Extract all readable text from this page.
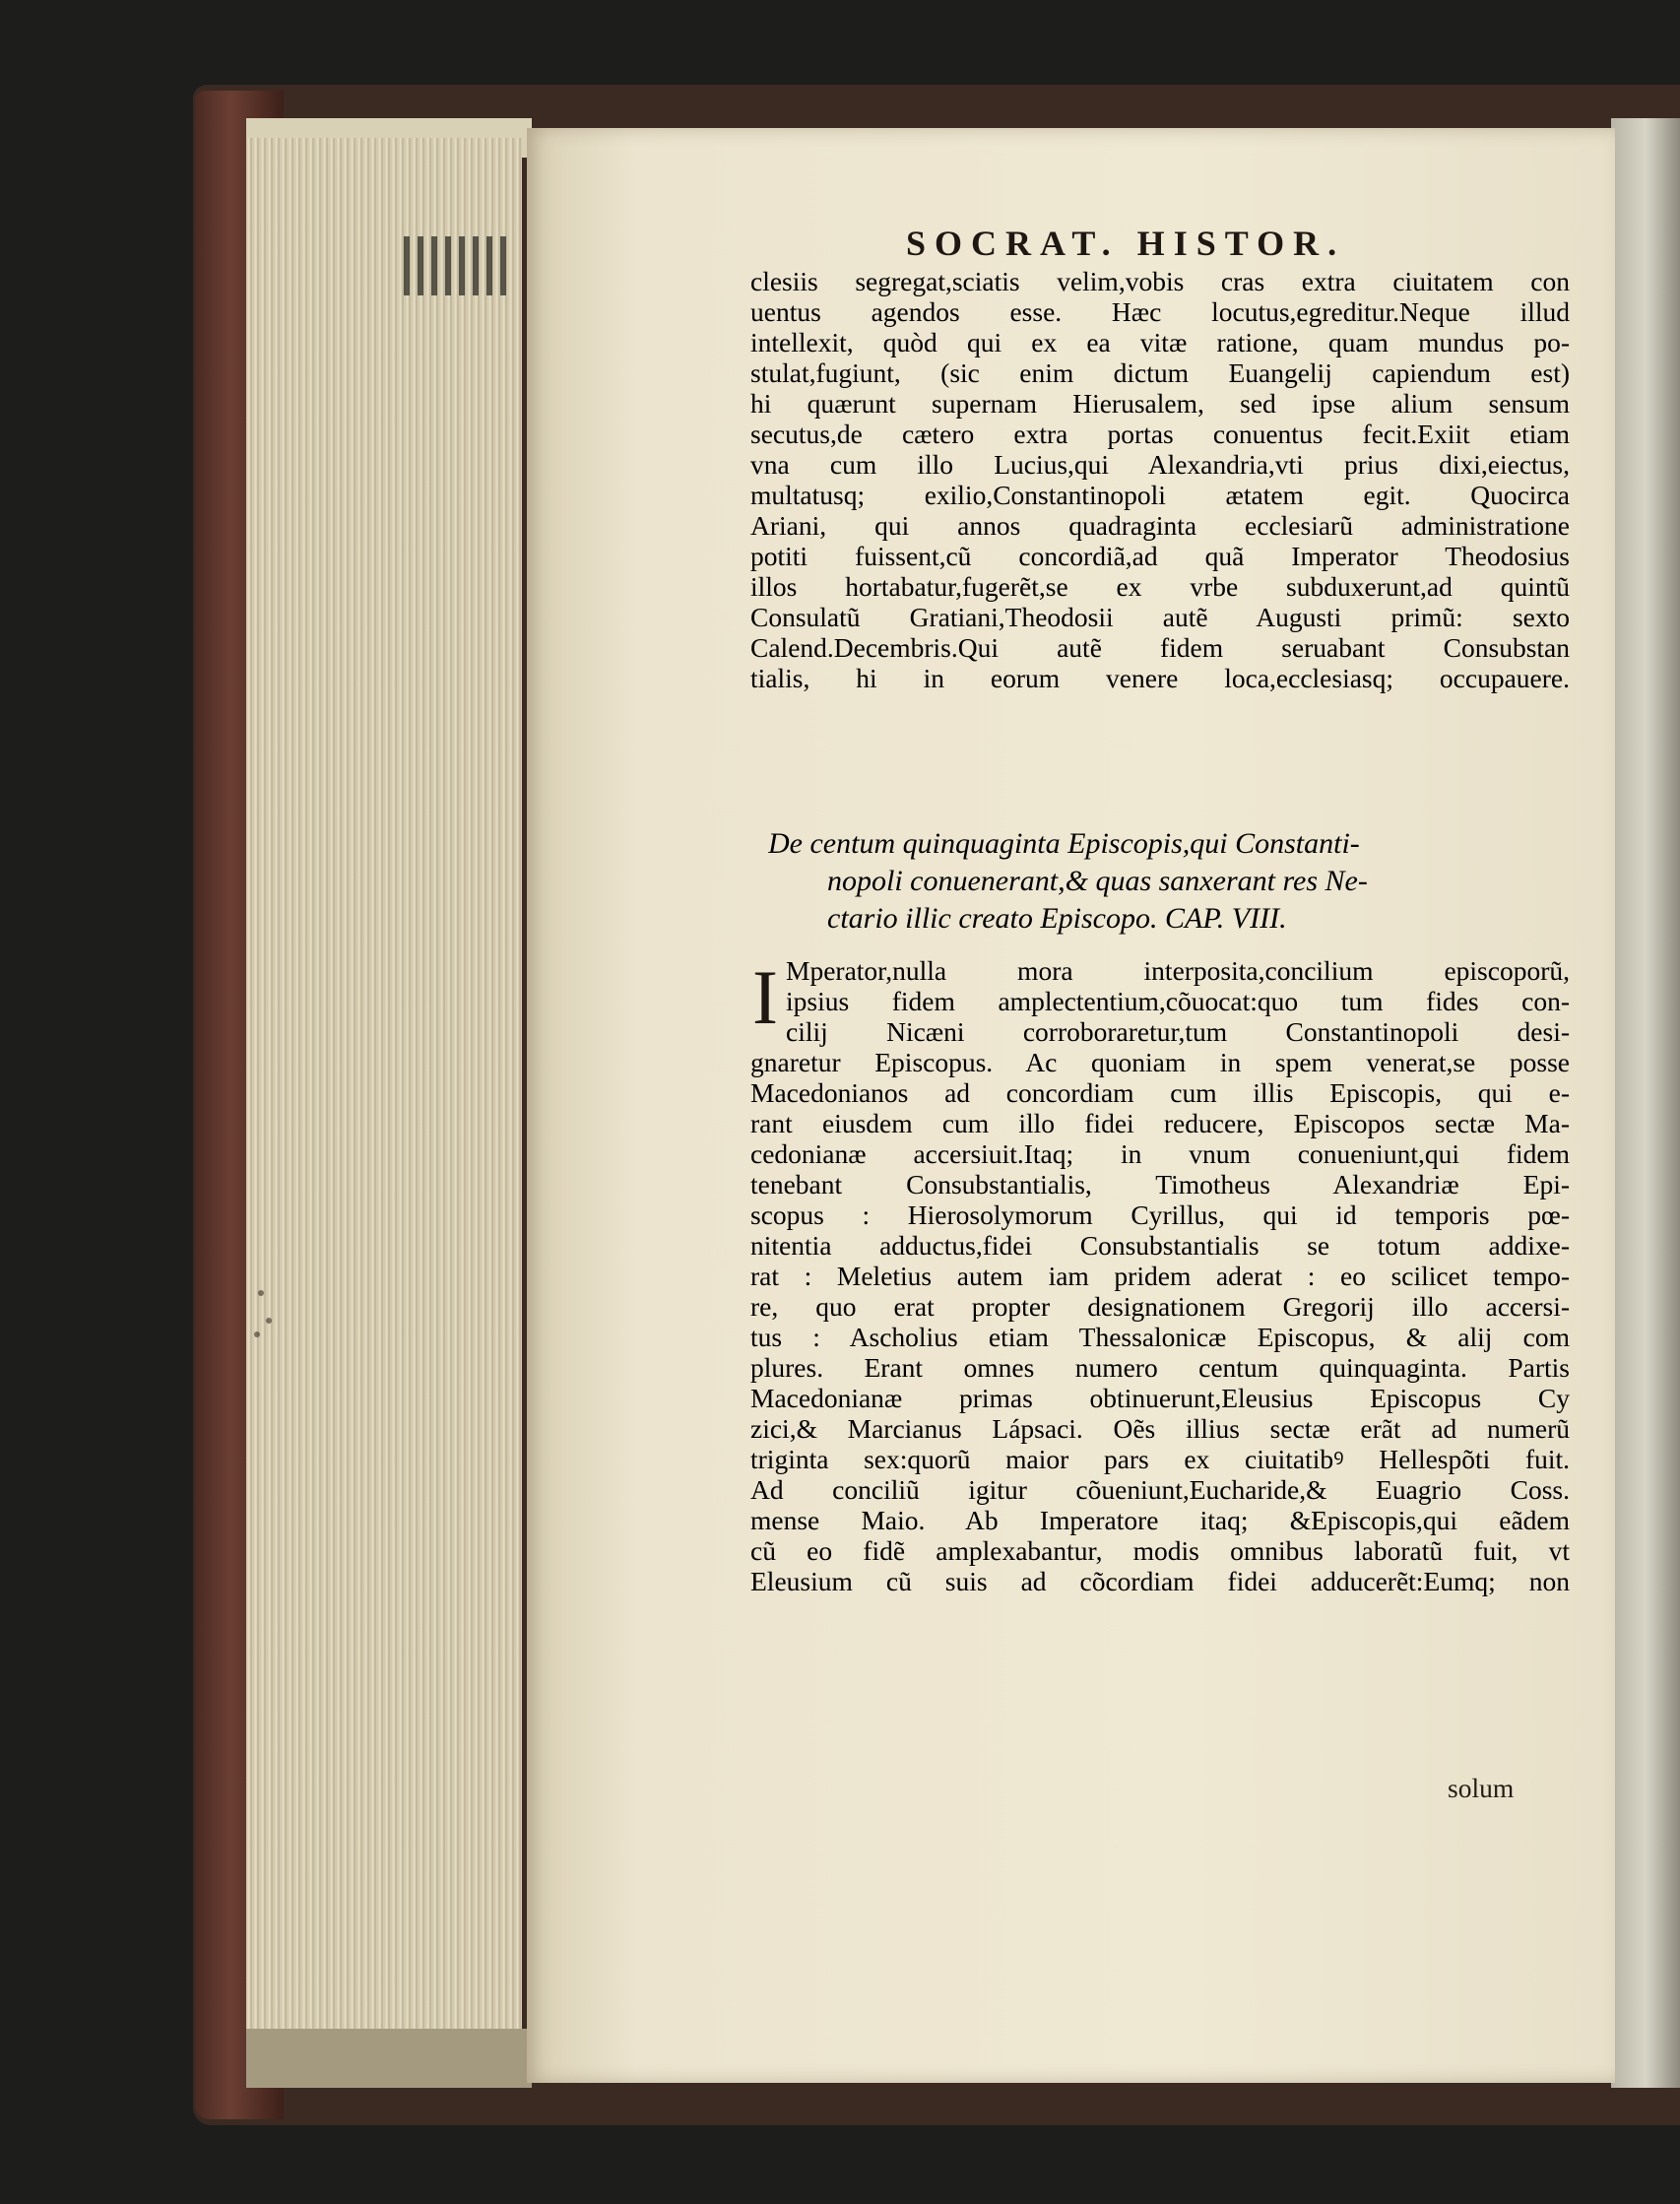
SOCRAT. HISTOR.
clesiis segregat,sciatis velim,vobis cras extra ciuitatem con
uentus agendos esse. Hæc locutus,egreditur.Neque illud
intellexit, quòd qui ex ea vitæ ratione, quam mundus po-
stulat,fugiunt, (sic enim dictum Euangelij capiendum est)
hi quærunt supernam Hierusalem, sed ipse alium sensum
secutus,de cætero extra portas conuentus fecit.Exiit etiam
vna cum illo Lucius,qui Alexandria,vti prius dixi,eiectus,
multatusq; exilio,Constantinopoli ætatem egit. Quocirca
Ariani, qui annos quadraginta ecclesiarũ administratione
potiti fuissent,cũ concordiã,ad quã Imperator Theodosius
illos hortabatur,fugerẽt,se ex vrbe subduxerunt,ad quintũ
Consulatũ Gratiani,Theodosii autẽ Augusti primũ: sexto
Calend.Decembris.Qui autẽ fidem seruabant Consubstan
tialis, hi in eorum venere loca,ecclesiasq; occupauere.
De centum quinquaginta Episcopis,qui Constanti-
nopoli conuenerant,& quas sanxerant res Ne-
ctario illic creato Episcopo. CAP. VIII.
I Mperator,nulla mora interposita,concilium episcoporũ,
ipsius fidem amplectentium,cõuocat:quo tum fides con-
cilij Nicæni corroboraretur,tum Constantinopoli desi-
gnaretur Episcopus. Ac quoniam in spem venerat,se posse
Macedonianos ad concordiam cum illis Episcopis, qui e-
rant eiusdem cum illo fidei reducere, Episcopos sectæ Ma-
cedonianæ accersiuit.Itaq; in vnum conueniunt,qui fidem
tenebant Consubstantialis, Timotheus Alexandriæ Epi-
scopus : Hierosolymorum Cyrillus, qui id temporis pœ-
nitentia adductus,fidei Consubstantialis se totum addixe-
rat : Meletius autem iam pridem aderat : eo scilicet tempo-
re, quo erat propter designationem Gregorij illo accersi-
tus : Ascholius etiam Thessalonicæ Episcopus, & alij com
plures. Erant omnes numero centum quinquaginta. Partis
Macedonianæ primas obtinuerunt,Eleusius Episcopus Cy
zici,& Marcianus Lápsaci. Oẽs illius sectæ erãt ad numerũ
triginta sex:quorũ maior pars ex ciuitatibꝰ Hellespõti fuit.
Ad conciliũ igitur cõueniunt,Eucharide,& Euagrio Coss.
mense Maio. Ab Imperatore itaq; &Episcopis,qui eãdem
cũ eo fidẽ amplexabantur, modis omnibus laboratũ fuit, vt
Eleusium cũ suis ad cõcordiam fidei adducerẽt:Eumq; non
solum
